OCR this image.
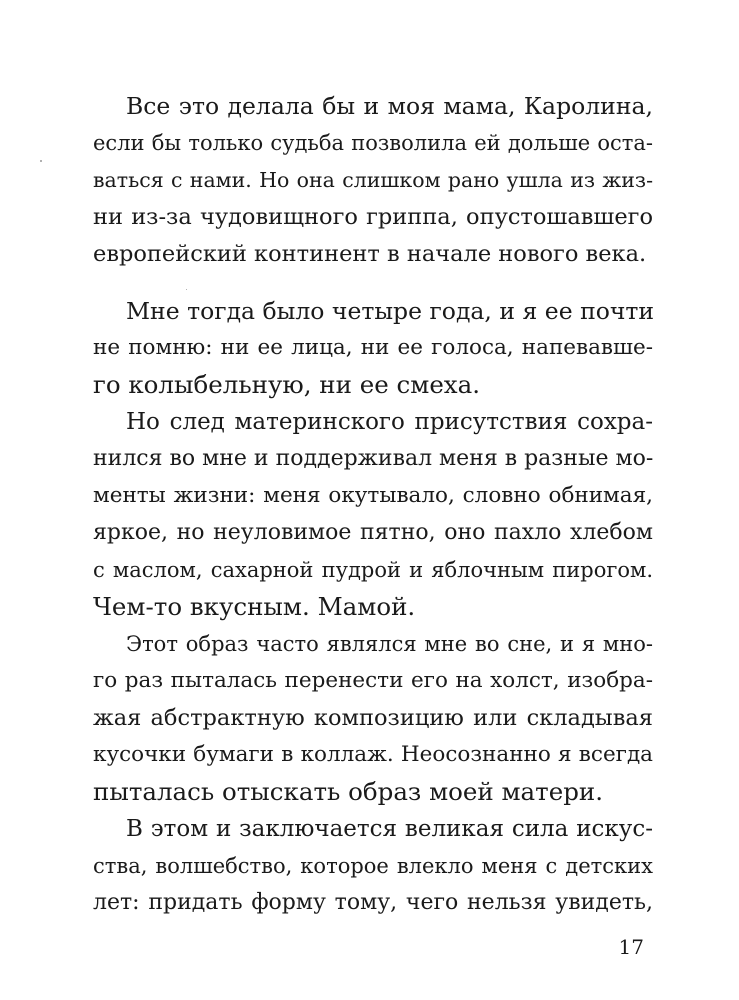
Все это делала бы и моя мама, Каролина,
если бы только судьба позволила ей дольше оста-
ваться с нами. Но она слишком рано ушла из жиз-
ни из-за чудовищного гриппа, опустошавшего
европейский континент в начале нового века.
Мне тогда было четыре года, и я ее почти
не помню: ни ее лица, ни ее голоса, напевавше-
го колыбельную, ни ее смеха.
Но след материнского присутствия сохра-
нился во мне и поддерживал меня в разные мо-
менты жизни: меня окутывало, словно обнимая,
яркое, но неуловимое пятно, оно пахло хлебом
с маслом, сахарной пудрой и яблочным пирогом.
Чем-то вкусным. Мамой.
Этот образ часто являлся мне во сне, и я мно-
го раз пыталась перенести его на холст, изобра-
жая абстрактную композицию или складывая
кусочки бумаги в коллаж. Неосознанно я всегда
пыталась отыскать образ моей матери.
В этом и заключается великая сила искус-
ства, волшебство, которое влекло меня с детских
лет: придать форму тому, чего нельзя увидеть,
17
